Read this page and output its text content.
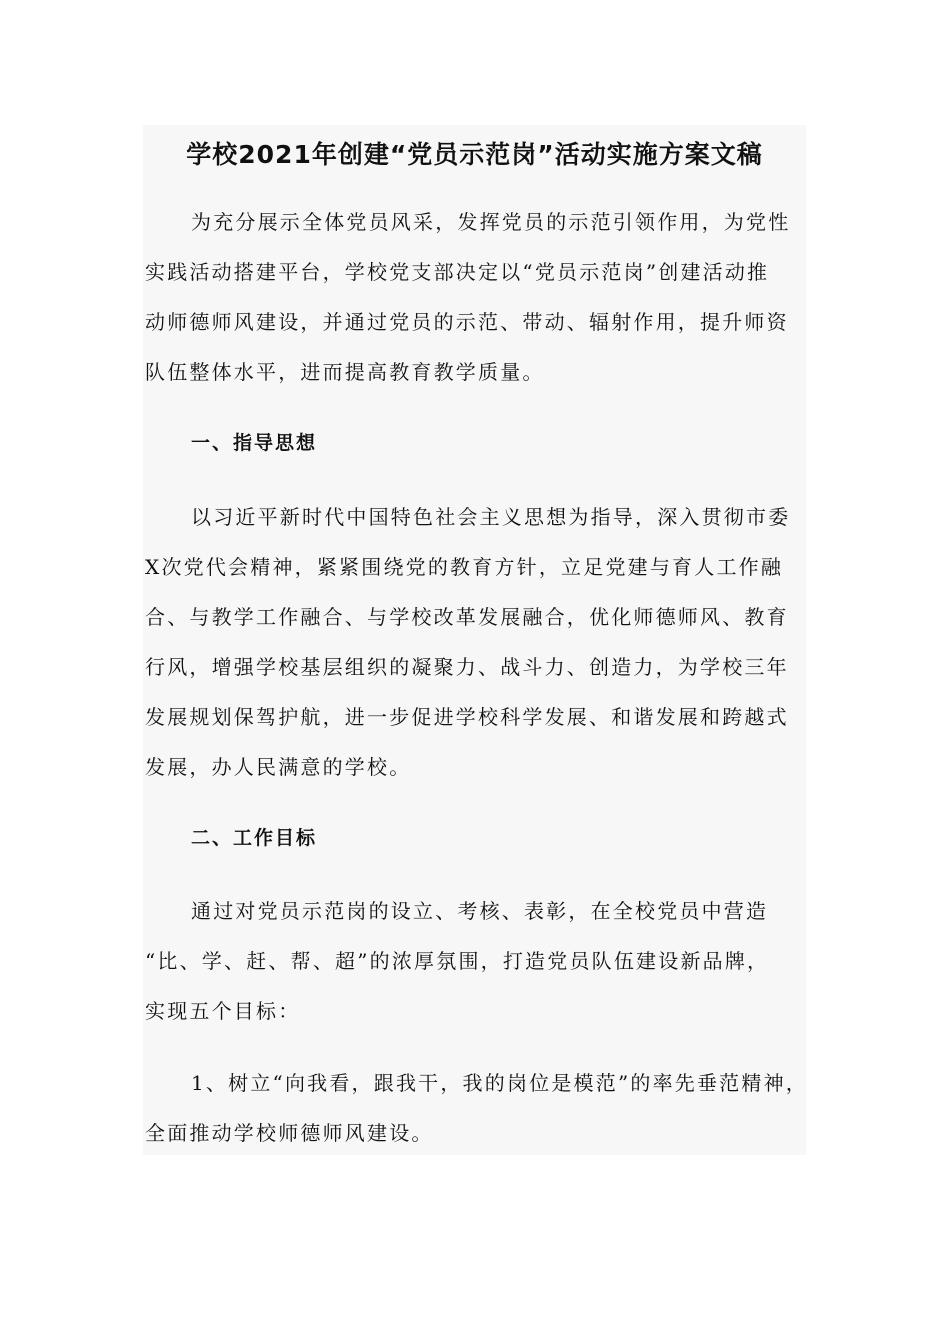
学校2021年创建“党员示范岗”活动实施方案文稿
为充分展示全体党员风采，发挥党员的示范引领作用，为党性
实践活动搭建平台，学校党支部决定以“党员示范岗”创建活动推
动师德师风建设，并通过党员的示范、带动、辐射作用，提升师资
队伍整体水平，进而提高教育教学质量。
一、指导思想
以习近平新时代中国特色社会主义思想为指导，深入贯彻市委
X次党代会精神，紧紧围绕党的教育方针，立足党建与育人工作融
合、与教学工作融合、与学校改革发展融合，优化师德师风、教育
行风，增强学校基层组织的凝聚力、战斗力、创造力，为学校三年
发展规划保驾护航，进一步促进学校科学发展、和谐发展和跨越式
发展，办人民满意的学校。
二、工作目标
通过对党员示范岗的设立、考核、表彰，在全校党员中营造
“比、学、赶、帮、超”的浓厚氛围，打造党员队伍建设新品牌，
实现五个目标：
1、树立“向我看，跟我干，我的岗位是模范”的率先垂范精神，
全面推动学校师德师风建设。
